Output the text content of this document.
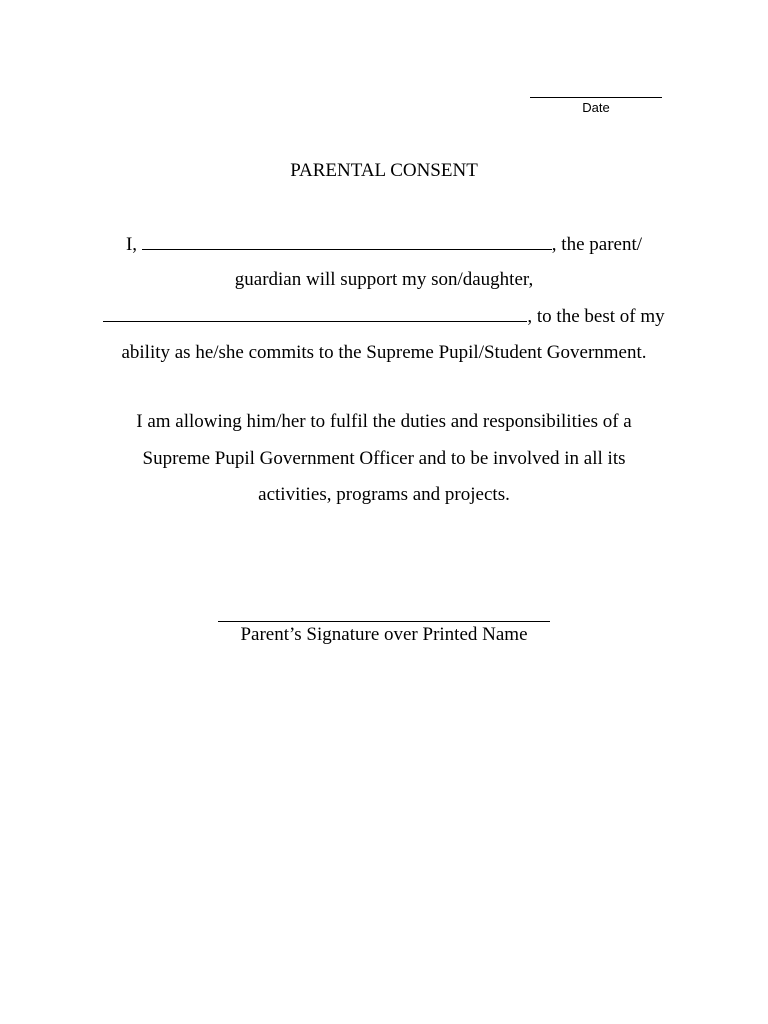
Date
PARENTAL CONSENT
I,	, the parent/
guardian will support my son/daughter,
, to the best of my
ability as he/she commits to the Supreme Pupil/Student Government.
I am allowing him/her to fulfil the duties and responsibilities of a
Supreme Pupil Government Officer and to be involved in all its
activities, programs and projects.
Parent’s Signature over Printed Name
